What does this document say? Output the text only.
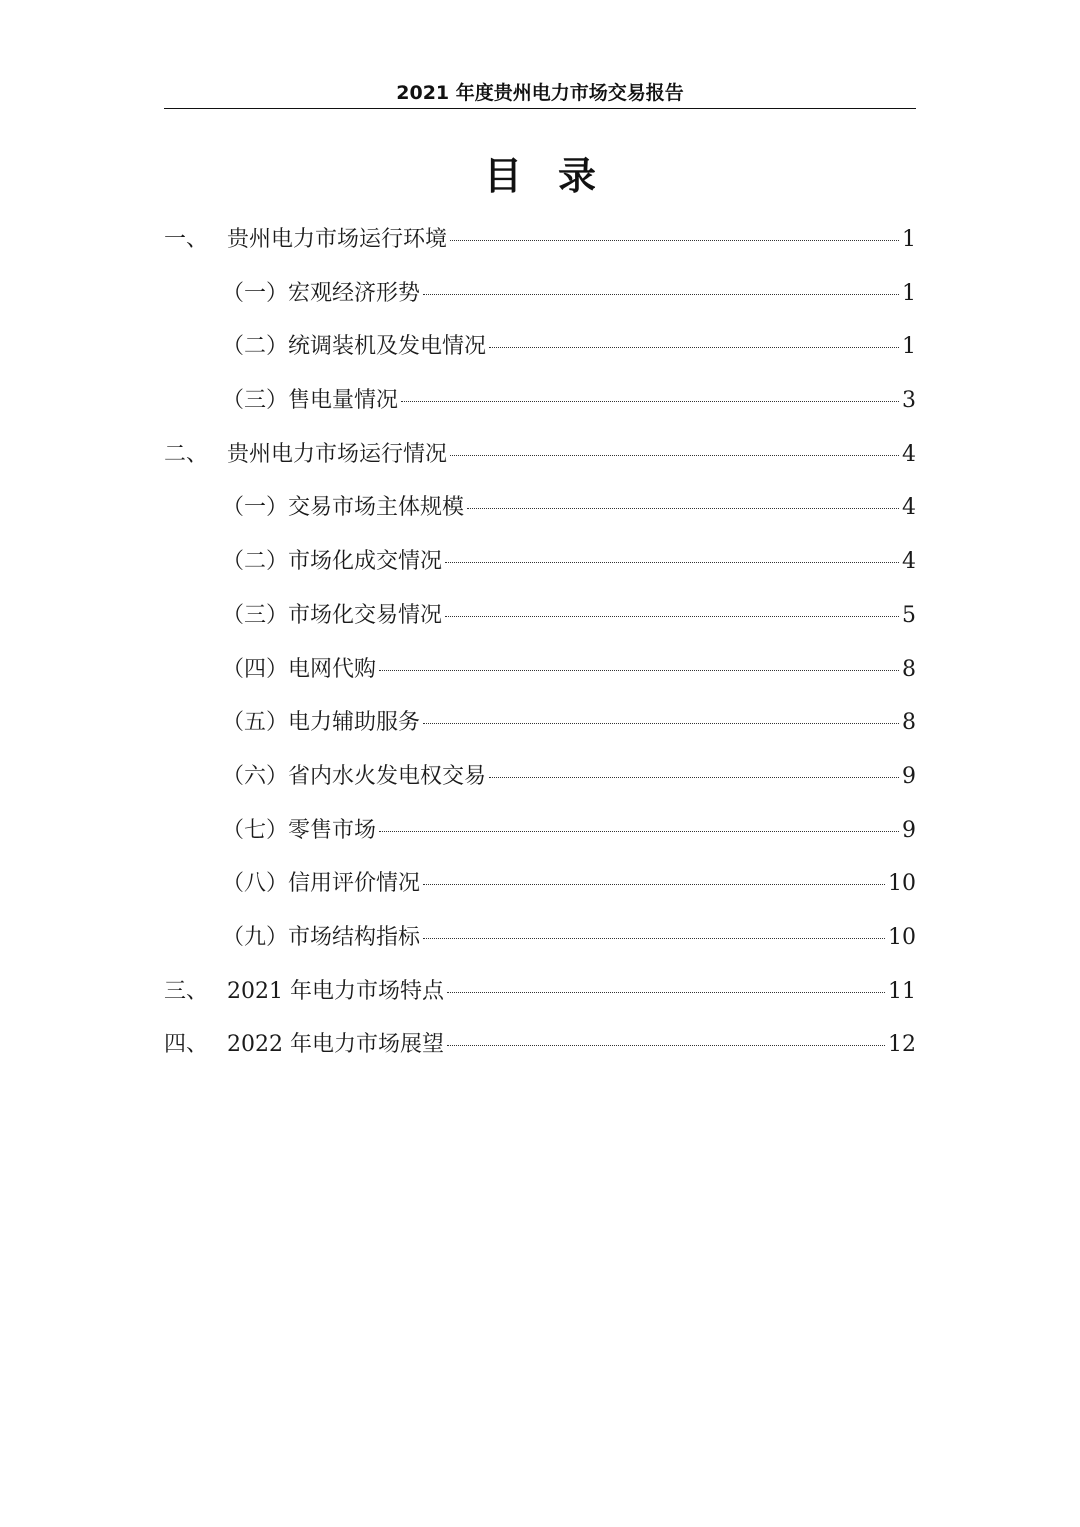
2021 年度贵州电力市场交易报告
目录
一、 贵州电力市场运行环境	1
（一） 宏观经济形势	1
（二） 统调装机及发电情况	1
（三） 售电量情况	3
二、 贵州电力市场运行情况	4
（一） 交易市场主体规模	4
（二） 市场化成交情况	4
（三） 市场化交易情况	5
（四） 电网代购	8
（五） 电力辅助服务	8
（六） 省内水火发电权交易	9
（七） 零售市场	9
（八） 信用评价情况	10
（九） 市场结构指标	10
三、 2021 年电力市场特点	11
四、 2022 年电力市场展望	12
